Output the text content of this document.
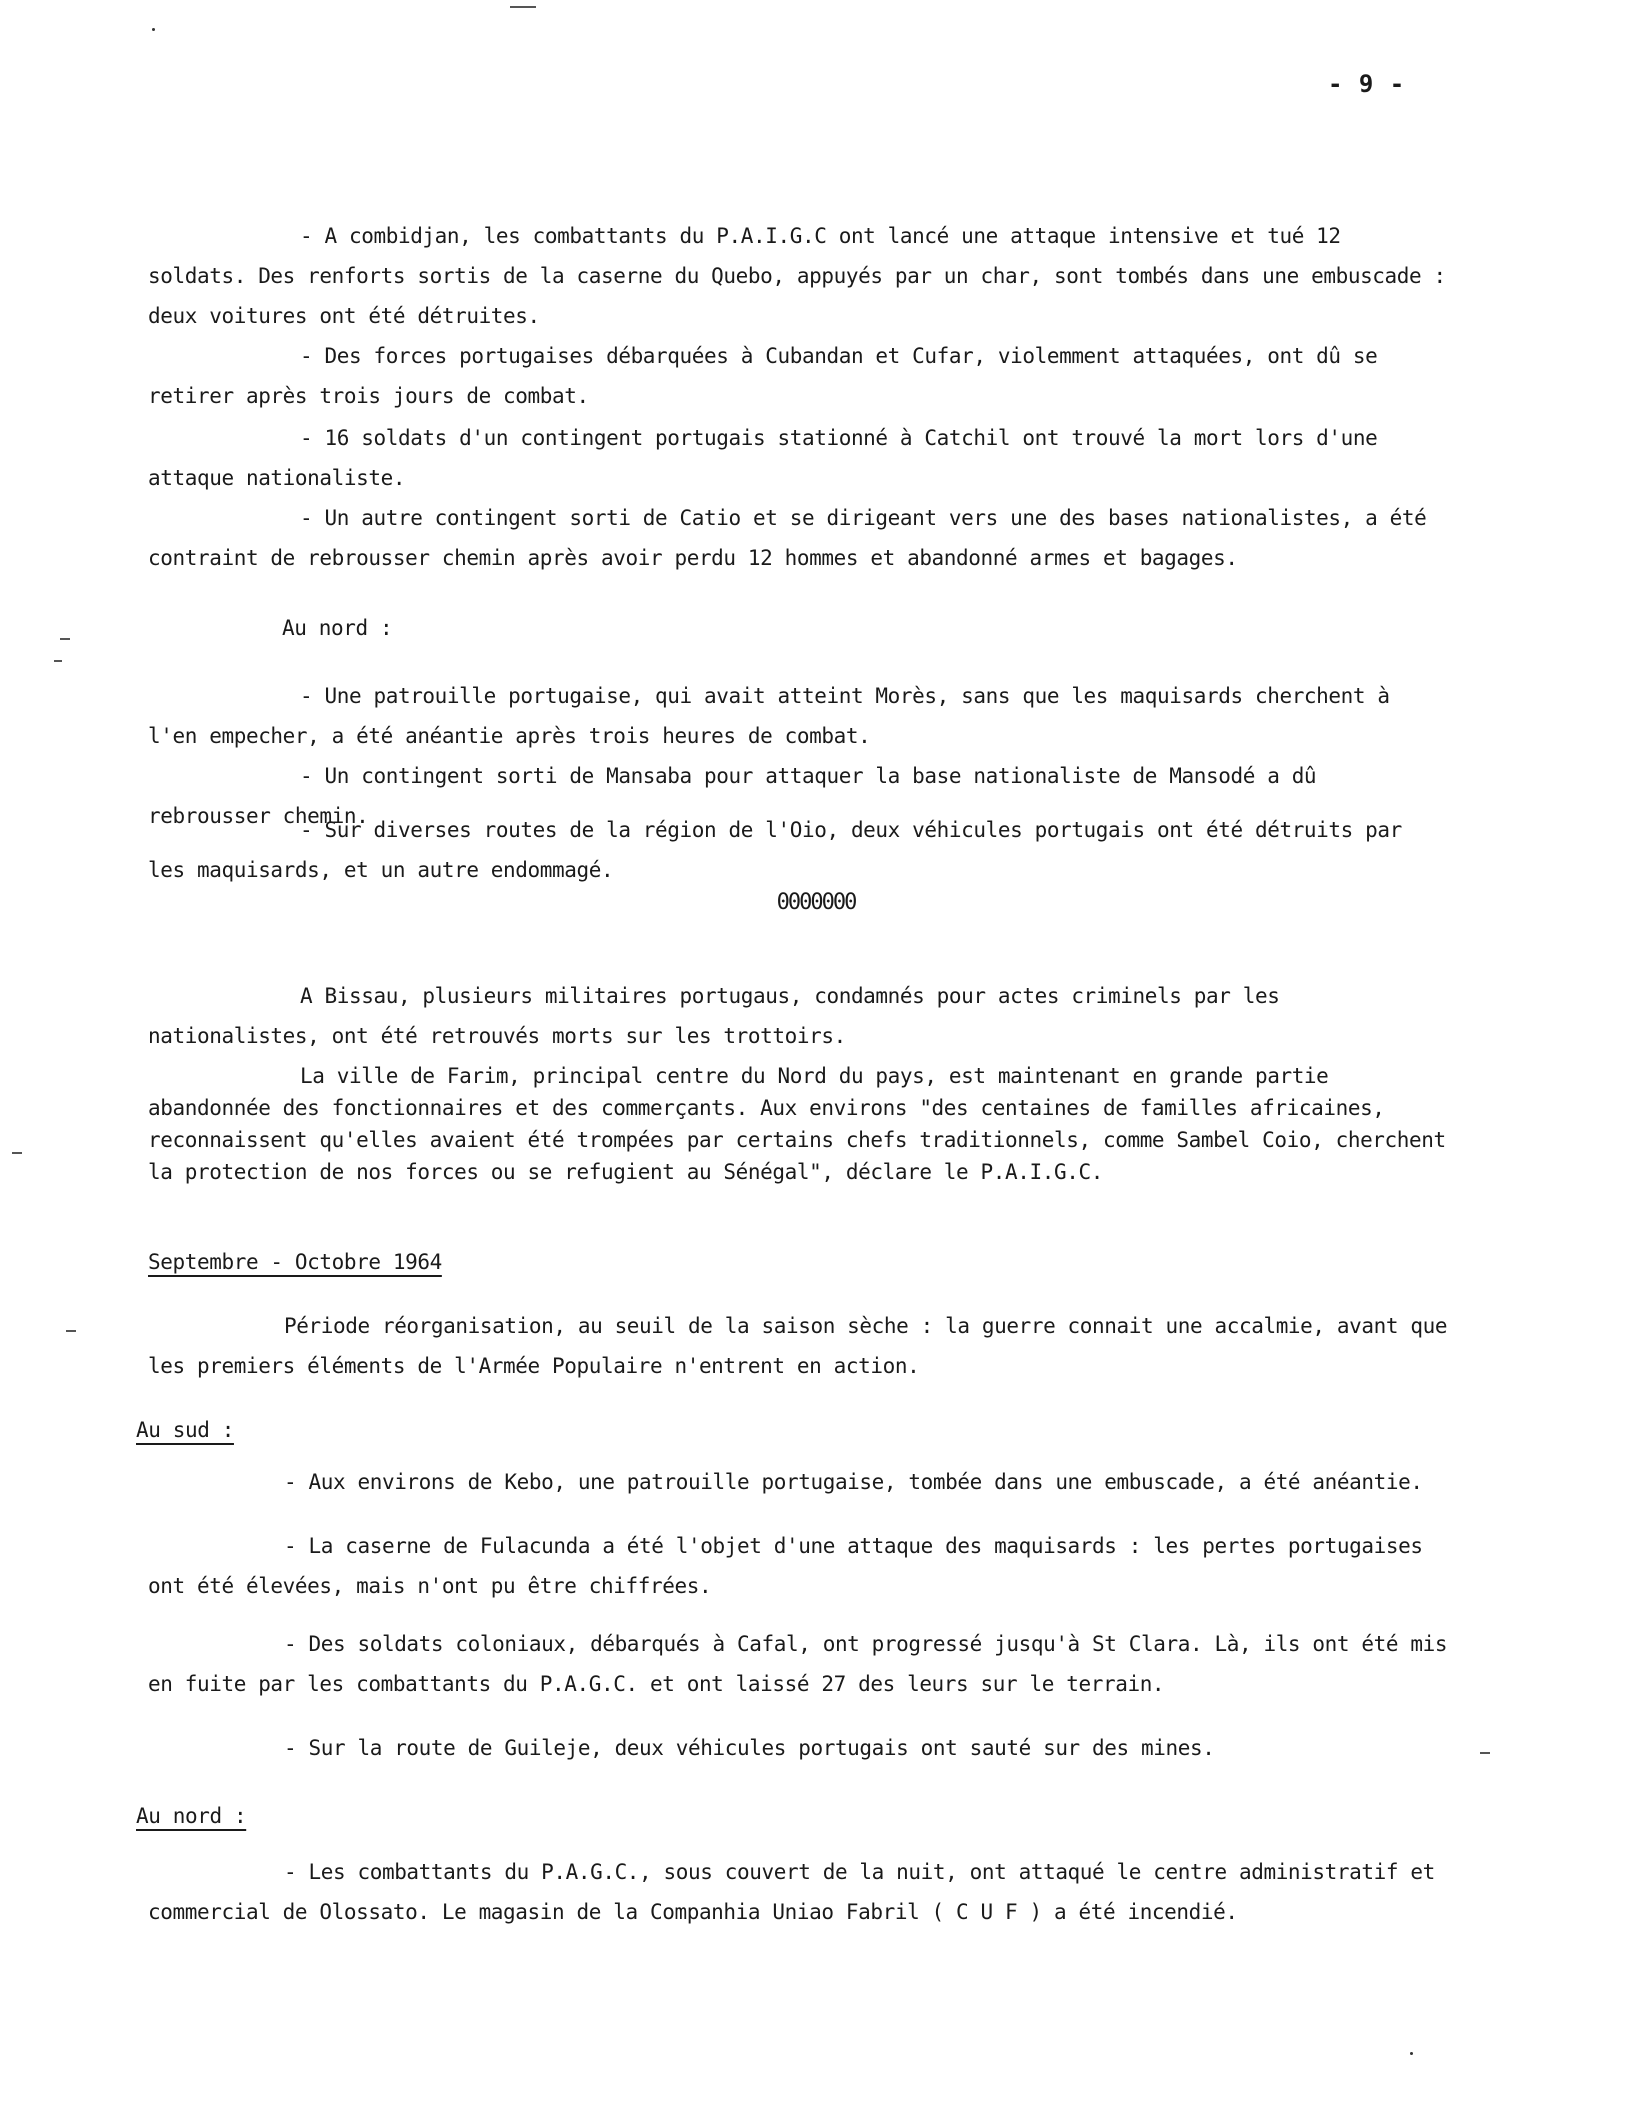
- 9 -

- A combidjan, les combattants du P.A.I.G.C ont lancé une attaque intensive et tué 12 soldats. Des renforts sortis de la caserne du Quebo, appuyés par un char, sont tombés dans une embuscade : deux voitures ont été détruites.

- Des forces portugaises débarquées à Cubandan et Cufar, violemment attaquées, ont dû se retirer après trois jours de combat.

- 16 soldats d'un contingent portugais stationné à Catchil ont trouvé la mort lors d'une attaque nationaliste.

- Un autre contingent sorti de Catio et se dirigeant vers une des bases nationalistes, a été contraint de rebrousser chemin après avoir perdu 12 hommes et abandonné armes et bagages.

Au nord :

- Une patrouille portugaise, qui avait atteint Morès, sans que les maquisards cherchent à l'en empecher, a été anéantie après trois heures de combat.

- Un contingent sorti de Mansaba pour attaquer la base nationaliste de Mansodé a dû rebrousser chemin.

- Sur diverses routes de la région de l'Oio, deux véhicules portugais ont été détruits par les maquisards, et un autre endommagé.

0000000

A Bissau, plusieurs militaires portugaus, condamnés pour actes criminels par les nationalistes, ont été retrouvés morts sur les trottoirs.

La ville de Farim, principal centre du Nord du pays, est maintenant en grande partie abandonnée des fonctionnaires et des commerçants. Aux environs "des centaines de familles africaines, reconnaissent qu'elles avaient été trompées par certains chefs traditionnels, comme Sambel Coio, cherchent la protection de nos forces ou se refugient au Sénégal", déclare le P.A.I.G.C.

Septembre - Octobre 1964

Période réorganisation, au seuil de la saison sèche : la guerre connait une accalmie, avant que les premiers éléments de l'Armée Populaire n'entrent en action.

Au sud :

- Aux environs de Kebo, une patrouille portugaise, tombée dans une embuscade, a été anéantie.

- La caserne de Fulacunda a été l'objet d'une attaque des maquisards : les pertes portugaises ont été élevées, mais n'ont pu être chiffrées.

- Des soldats coloniaux, débarqués à Cafal, ont progressé jusqu'à St Clara. Là, ils ont été mis en fuite par les combattants du P.A.G.C. et ont laissé 27 des leurs sur le terrain.

- Sur la route de Guileje, deux véhicules portugais ont sauté sur des mines.

Au nord :

- Les combattants du P.A.G.C., sous couvert de la nuit, ont attaqué le centre administratif et commercial de Olossato. Le magasin de la Companhia Uniao Fabril ( C U F ) a été incendié.
